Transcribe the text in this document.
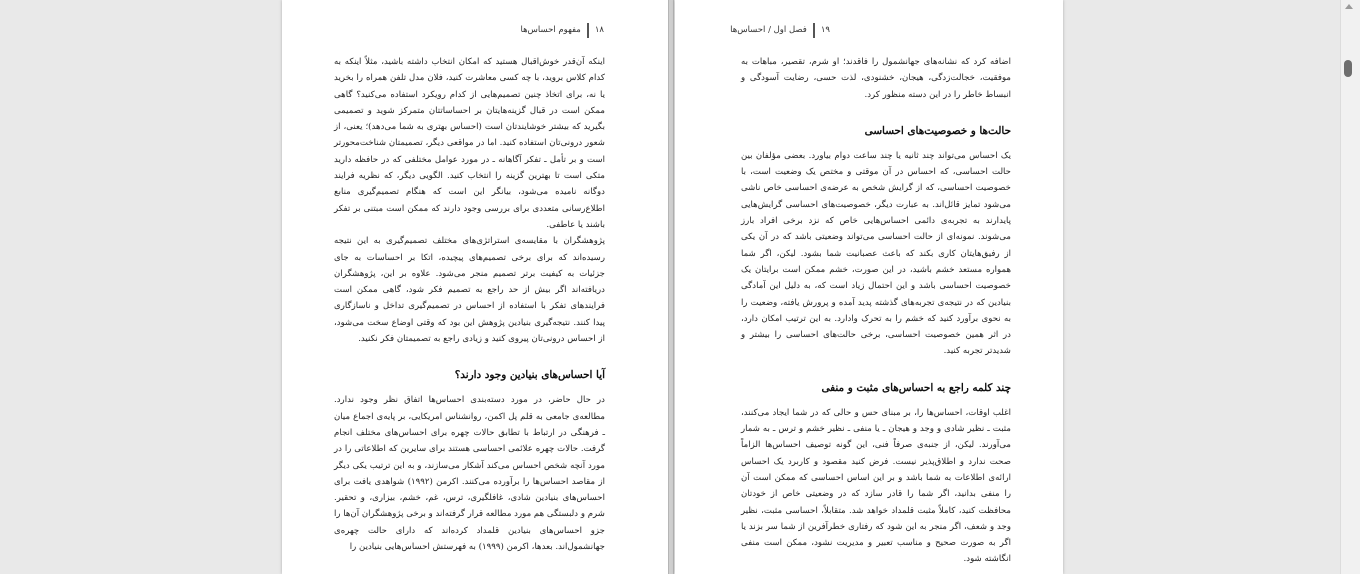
۱۸
مفهوم احساس‌ها

اینکه آن‌قدر خوش‌اقبال هستید که امکان انتخاب داشته باشید، مثلاً اینکه به کدام کلاس بروید، با چه کسی معاشرت کنید، فلان مدل تلفن همراه را بخرید یا نه، برای اتخاذ چنین تصمیم‌هایی از کدام رویکرد استفاده می‌کنید؟ گاهی ممکن است در قبال گزینه‌هایتان بر احساساتتان متمرکز شوید و تصمیمی بگیرید که بیشتر خوشایندتان است (احساس بهتری به شما می‌دهد)؛ یعنی، از شعور درونی‌تان استفاده کنید. اما در مواقعی دیگر، تصمیمتان شناخت‌محورتر است و بر تأمل ـ تفکر آگاهانه ـ در مورد عوامل مختلفی که در حافظه دارید متکی است تا بهترین گزینه را انتخاب کنید. الگویی دیگر، که نظریه فرایند دوگانه نامیده می‌شود، بیانگر این است که هنگام تصمیم‌گیری منابع اطلاع‌رسانی متعددی برای بررسی وجود دارند که ممکن است مبتنی بر تفکر باشند یا عاطفی.

پژوهشگران با مقایسه‌ی استراتژی‌های مختلف تصمیم‌گیری به این نتیجه رسیده‌اند که برای برخی تصمیم‌های پیچیده، اتکا بر احساسات به جای جزئیات به کیفیت برتر تصمیم منجر می‌شود. علاوه بر این، پژوهشگران دریافته‌اند اگر بیش از حد راجع به تصمیم فکر شود، گاهی ممکن است فرایندهای تفکر با استفاده از احساس در تصمیم‌گیری تداخل و ناسازگاری پیدا کنند. نتیجه‌گیری بنیادین پژوهش این بود که وقتی اوضاع سخت می‌شود، از احساس درونی‌تان پیروی کنید و زیادی راجع به تصمیمتان فکر نکنید.

آیا احساس‌های بنیادین وجود دارند؟

در حال حاضر، در مورد دسته‌بندی احساس‌ها اتفاق نظر وجود ندارد. مطالعه‌ی جامعی به قلم پل اکمن، روانشناس امریکایی، بر پایه‌ی اجماع میان ـ فرهنگی در ارتباط با تطابق حالات چهره برای احساس‌های مختلف انجام گرفت. حالات چهره علائمی احساسی هستند برای سایرین که اطلاعاتی را در مورد آنچه شخص احساس می‌کند آشکار می‌سازند، و به این ترتیب یکی دیگر از مقاصد احساس‌ها را برآورده می‌کنند. اکرمن (۱۹۹۲) شواهدی یافت برای احساس‌های بنیادین شادی، غافلگیری، ترس، غم، خشم، بیزاری، و تحقیر. شرم و دلبستگی هم مورد مطالعه قرار گرفته‌اند و برخی پژوهشگران آن‌ها را جزو احساس‌های بنیادین قلمداد کرده‌اند که دارای حالت چهره‌ی جهانشمول‌اند. بعدها، اکرمن (۱۹۹۹) به فهرستش احساس‌هایی بنیادین را

۱۹
فصل اول / احساس‌ها

اضافه کرد که نشانه‌های جهانشمول را فاقدند؛ او شرم، تقصیر، مباهات به موفقیت، خجالت‌زدگی، هیجان، خشنودی، لذت حسی، رضایت آسودگی و انبساط خاطر را در این دسته منظور کرد.

حالت‌ها و خصوصیت‌های احساسی

یک احساس می‌تواند چند ثانیه یا چند ساعت دوام بیاورد. بعضی مؤلفان بین حالت احساسی، که احساس در آن موقتی و مختص یک وضعیت است، با خصوصیت احساسی، که از گرایش شخص به عرضه‌ی احساسی خاص ناشی می‌شود تمایز قائل‌اند. به عبارت دیگر، خصوصیت‌های احساسی گرایش‌هایی پایدارند به تجربه‌ی دائمی احساس‌هایی خاص که نزد برخی افراد بارز می‌شوند. نمونه‌ای از حالت احساسی می‌تواند وضعیتی باشد که در آن یکی از رفیق‌هایتان کاری بکند که باعث عصبانیت شما بشود. لیکن، اگر شما همواره مستعد خشم باشید، در این صورت، خشم ممکن است برایتان یک خصوصیت احساسی باشد و این احتمال زیاد است که، به دلیل این آمادگی بنیادین که در نتیجه‌ی تجربه‌های گذشته پدید آمده و پرورش یافته، وضعیت را به نحوی برآورد کنید که خشم را به تحرک وادارد. به این ترتیب امکان دارد، در اثر همین خصوصیت احساسی، برخی حالت‌های احساسی را بیشتر و شدیدتر تجربه کنید.

چند کلمه راجع به احساس‌های مثبت و منفی

اغلب اوقات، احساس‌ها را، بر مبنای حس و حالی که در شما ایجاد می‌کنند، مثبت ـ نظیر شادی و وجد و هیجان ـ یا منفی ـ نظیر خشم و ترس ـ به شمار می‌آورند. لیکن، از جنبه‌ی صرفاً فنی، این گونه توصیف احساس‌ها الزاماً صحت ندارد و اطلاق‌پذیر نیست. فرض کنید مقصود و کاربرد یک احساس ارائه‌ی اطلاعات به شما باشد و بر این اساس احساسی که ممکن است آن را منفی بدانید، اگر شما را قادر سازد که در وضعیتی خاص از خودتان محافظت کنید، کاملاً مثبت قلمداد خواهد شد. متقابلاً، احساسی مثبت، نظیر وجد و شعف، اگر منجر به این شود که رفتاری خطرآفرین از شما سر بزند یا اگر به صورت صحیح و مناسب تعبیر و مدیریت نشود، ممکن است منفی انگاشته شود.
